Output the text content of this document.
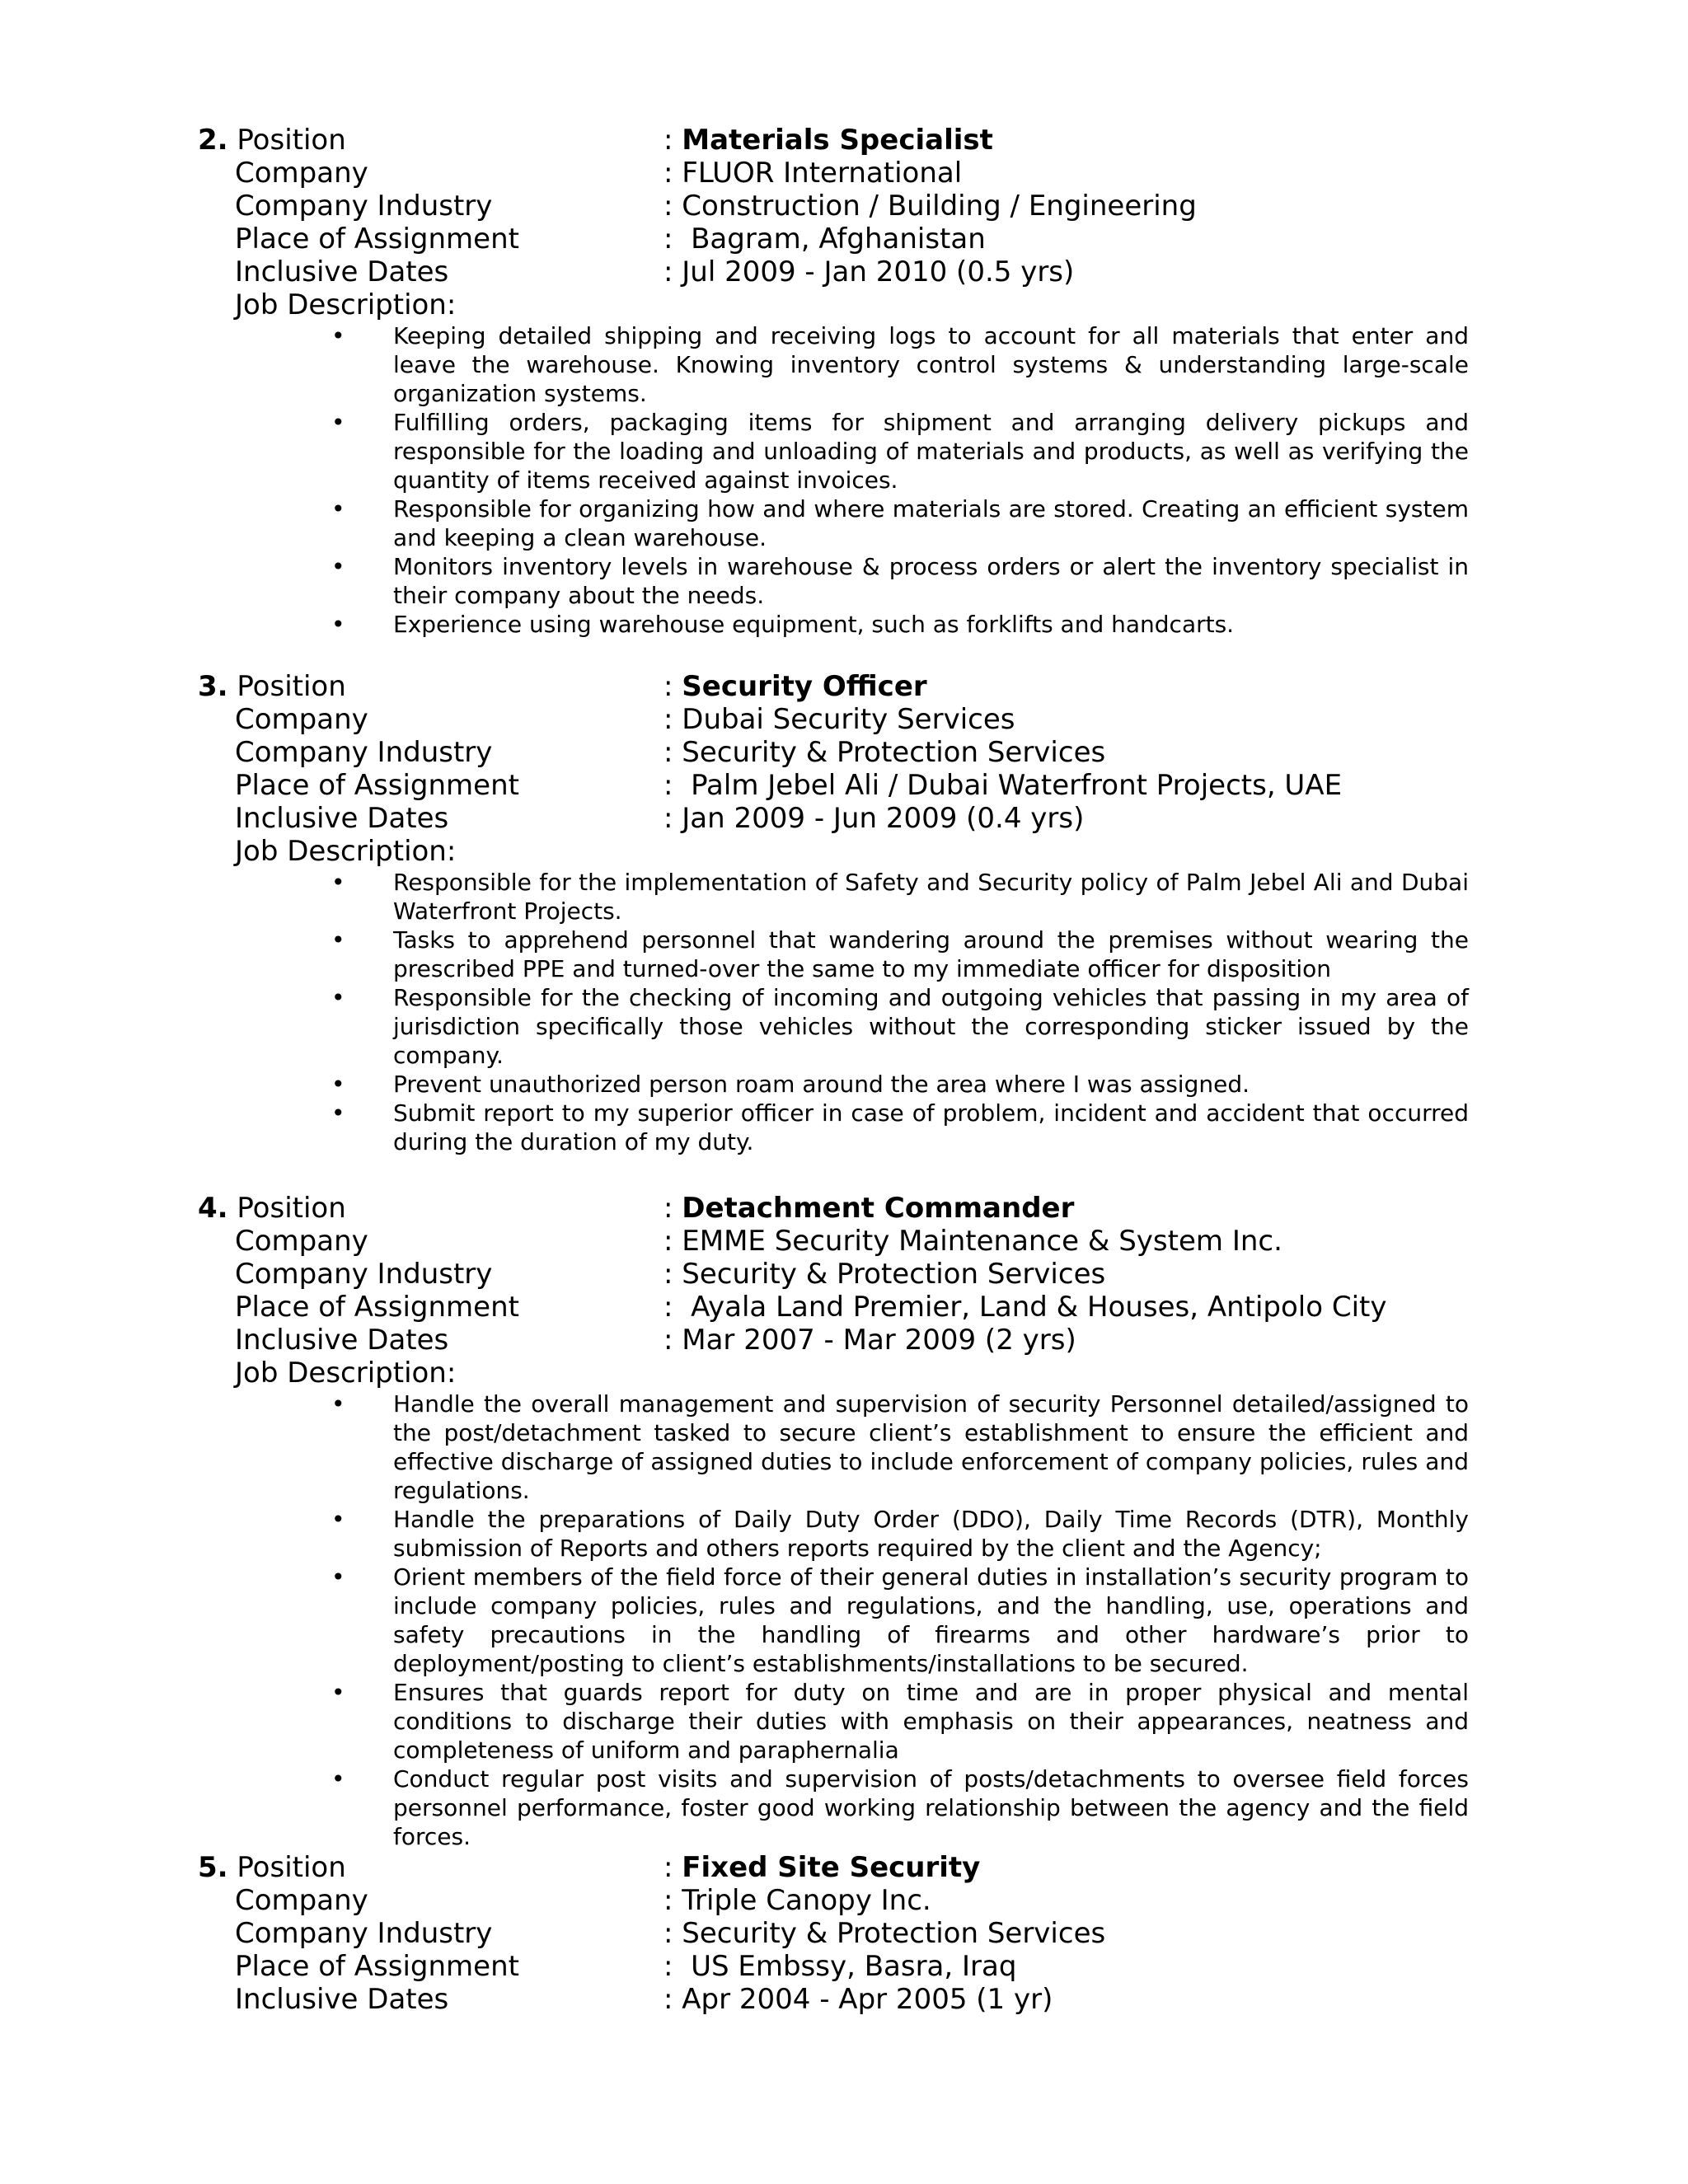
2. Position	: Materials Specialist
Company	: FLUOR International
Company Industry	: Construction / Building / Engineering
Place of Assignment	:  Bagram, Afghanistan
Inclusive Dates	: Jul 2009 - Jan 2010 (0.5 yrs)
Job Description:
• Keeping detailed shipping and receiving logs to account for all materials that enter and leave the warehouse. Knowing inventory control systems & understanding large-scale organization systems.
• Fulfilling orders, packaging items for shipment and arranging delivery pickups and responsible for the loading and unloading of materials and products, as well as verifying the quantity of items received against invoices.
• Responsible for organizing how and where materials are stored. Creating an efficient system and keeping a clean warehouse.
• Monitors inventory levels in warehouse & process orders or alert the inventory specialist in their company about the needs.
• Experience using warehouse equipment, such as forklifts and handcarts.
3. Position	: Security Officer
Company	: Dubai Security Services
Company Industry	: Security & Protection Services
Place of Assignment	:  Palm Jebel Ali / Dubai Waterfront Projects, UAE
Inclusive Dates	: Jan 2009 - Jun 2009 (0.4 yrs)
Job Description:
• Responsible for the implementation of Safety and Security policy of Palm Jebel Ali and Dubai Waterfront Projects.
• Tasks to apprehend personnel that wandering around the premises without wearing the prescribed PPE and turned-over the same to my immediate officer for disposition
• Responsible for the checking of incoming and outgoing vehicles that passing in my area of jurisdiction specifically those vehicles without the corresponding sticker issued by the company.
• Prevent unauthorized person roam around the area where I was assigned.
• Submit report to my superior officer in case of problem, incident and accident that occurred during the duration of my duty.
4. Position	: Detachment Commander
Company	: EMME Security Maintenance & System Inc.
Company Industry	: Security & Protection Services
Place of Assignment	:  Ayala Land Premier, Land & Houses, Antipolo City
Inclusive Dates	: Mar 2007 - Mar 2009 (2 yrs)
Job Description:
• Handle the overall management and supervision of security Personnel detailed/assigned to the post/detachment tasked to secure client’s establishment to ensure the efficient and effective discharge of assigned duties to include enforcement of company policies, rules and regulations.
• Handle the preparations of Daily Duty Order (DDO), Daily Time Records (DTR), Monthly submission of Reports and others reports required by the client and the Agency;
• Orient members of the field force of their general duties in installation’s security program to include company policies, rules and regulations, and the handling, use, operations and safety precautions in the handling of firearms and other hardware’s prior to deployment/posting to client’s establishments/installations to be secured.
• Ensures that guards report for duty on time and are in proper physical and mental conditions to discharge their duties with emphasis on their appearances, neatness and completeness of uniform and paraphernalia
• Conduct regular post visits and supervision of posts/detachments to oversee field forces personnel performance, foster good working relationship between the agency and the field forces.
5. Position	: Fixed Site Security
Company	: Triple Canopy Inc.
Company Industry	: Security & Protection Services
Place of Assignment	:  US Embssy, Basra, Iraq
Inclusive Dates	: Apr 2004 - Apr 2005 (1 yr)
